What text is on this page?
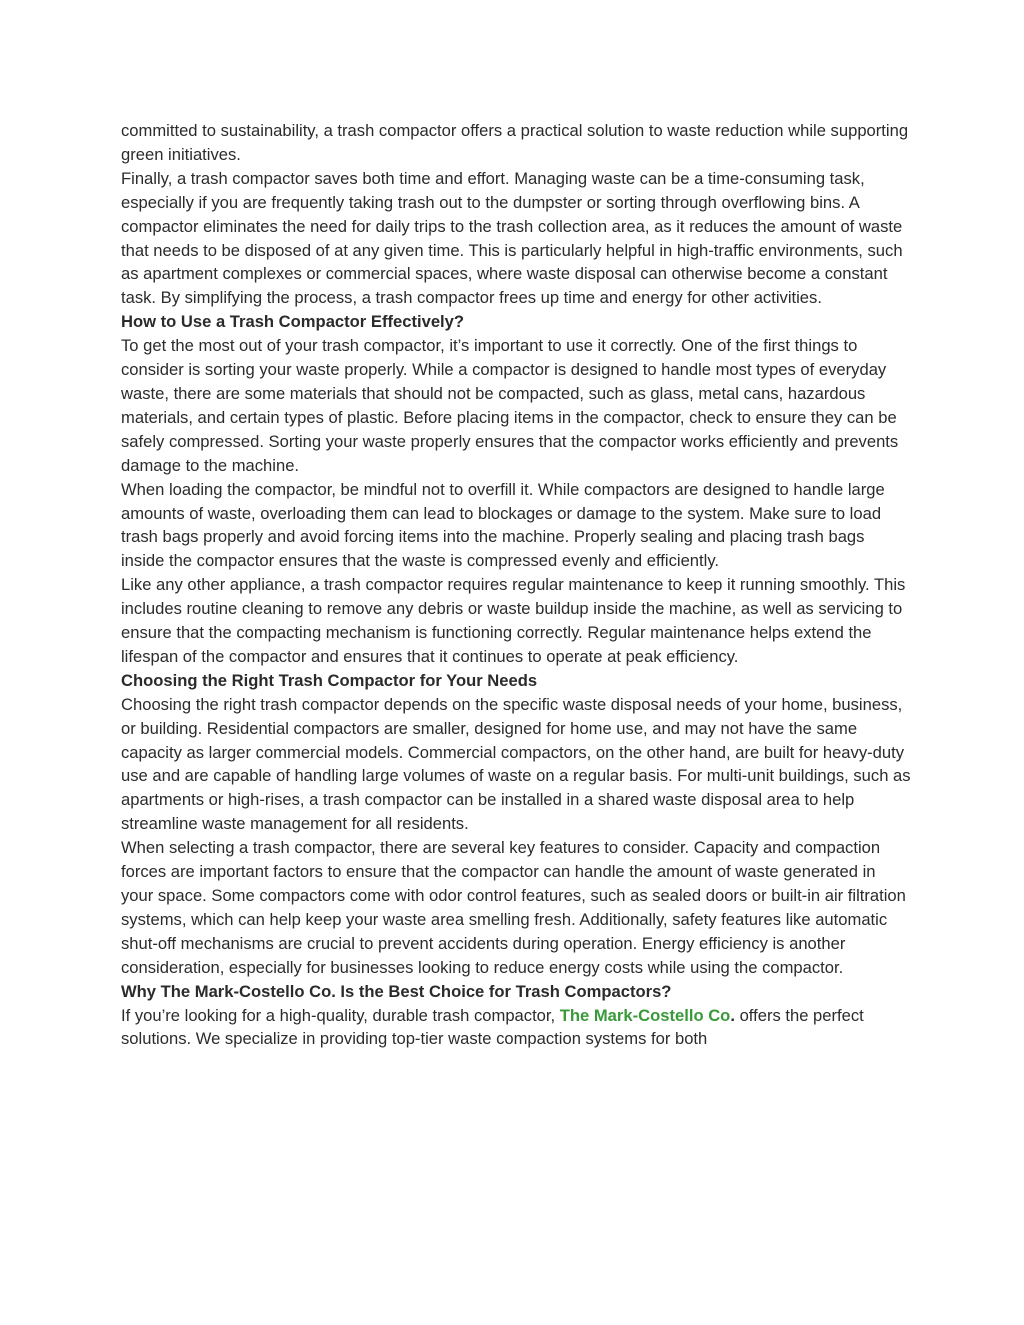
committed to sustainability, a trash compactor offers a practical solution to waste reduction while supporting green initiatives.

Finally, a trash compactor saves both time and effort. Managing waste can be a time-consuming task, especially if you are frequently taking trash out to the dumpster or sorting through overflowing bins. A compactor eliminates the need for daily trips to the trash collection area, as it reduces the amount of waste that needs to be disposed of at any given time. This is particularly helpful in high-traffic environments, such as apartment complexes or commercial spaces, where waste disposal can otherwise become a constant task. By simplifying the process, a trash compactor frees up time and energy for other activities.

How to Use a Trash Compactor Effectively?

To get the most out of your trash compactor, it’s important to use it correctly. One of the first things to consider is sorting your waste properly. While a compactor is designed to handle most types of everyday waste, there are some materials that should not be compacted, such as glass, metal cans, hazardous materials, and certain types of plastic. Before placing items in the compactor, check to ensure they can be safely compressed. Sorting your waste properly ensures that the compactor works efficiently and prevents damage to the machine.

When loading the compactor, be mindful not to overfill it. While compactors are designed to handle large amounts of waste, overloading them can lead to blockages or damage to the system. Make sure to load trash bags properly and avoid forcing items into the machine. Properly sealing and placing trash bags inside the compactor ensures that the waste is compressed evenly and efficiently.

Like any other appliance, a trash compactor requires regular maintenance to keep it running smoothly. This includes routine cleaning to remove any debris or waste buildup inside the machine, as well as servicing to ensure that the compacting mechanism is functioning correctly. Regular maintenance helps extend the lifespan of the compactor and ensures that it continues to operate at peak efficiency.

Choosing the Right Trash Compactor for Your Needs

Choosing the right trash compactor depends on the specific waste disposal needs of your home, business, or building. Residential compactors are smaller, designed for home use, and may not have the same capacity as larger commercial models. Commercial compactors, on the other hand, are built for heavy-duty use and are capable of handling large volumes of waste on a regular basis. For multi-unit buildings, such as apartments or high-rises, a trash compactor can be installed in a shared waste disposal area to help streamline waste management for all residents.

When selecting a trash compactor, there are several key features to consider. Capacity and compaction forces are important factors to ensure that the compactor can handle the amount of waste generated in your space. Some compactors come with odor control features, such as sealed doors or built-in air filtration systems, which can help keep your waste area smelling fresh. Additionally, safety features like automatic shut-off mechanisms are crucial to prevent accidents during operation. Energy efficiency is another consideration, especially for businesses looking to reduce energy costs while using the compactor.

Why The Mark-Costello Co. Is the Best Choice for Trash Compactors?

If you’re looking for a high-quality, durable trash compactor, The Mark-Costello Co. offers the perfect solutions. We specialize in providing top-tier waste compaction systems for both
